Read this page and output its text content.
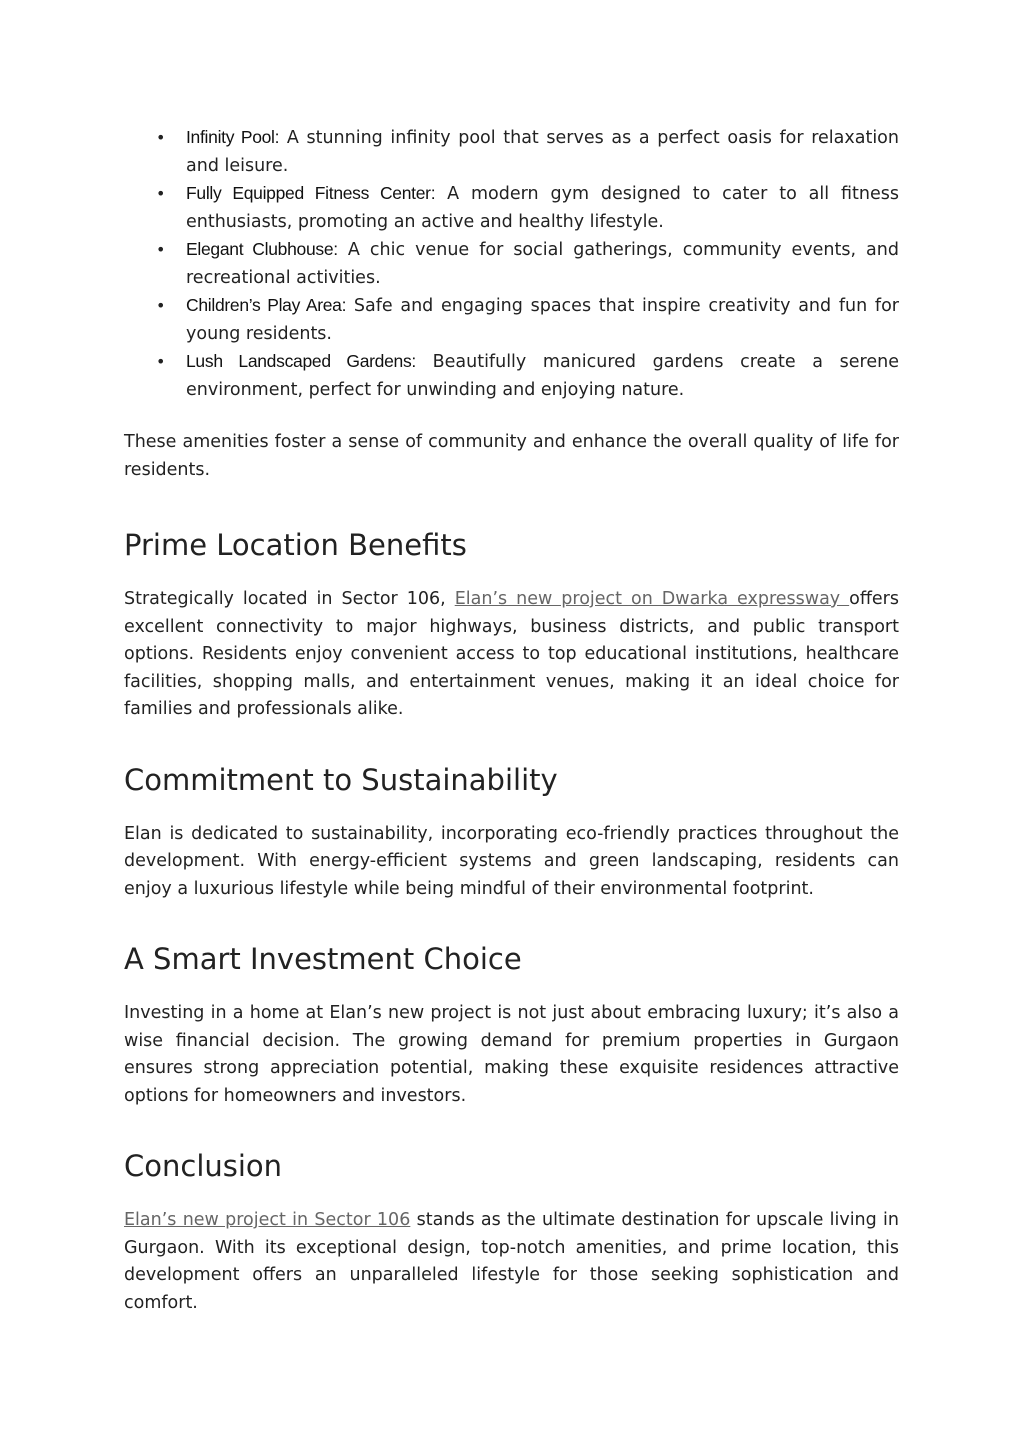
• Infinity Pool: A stunning infinity pool that serves as a perfect oasis for relaxation and leisure.
• Fully Equipped Fitness Center: A modern gym designed to cater to all fitness enthusiasts, promoting an active and healthy lifestyle.
• Elegant Clubhouse: A chic venue for social gatherings, community events, and recreational activities.
• Children’s Play Area: Safe and engaging spaces that inspire creativity and fun for young residents.
• Lush Landscaped Gardens: Beautifully manicured gardens create a serene environment, perfect for unwinding and enjoying nature.

These amenities foster a sense of community and enhance the overall quality of life for residents.

Prime Location Benefits

Strategically located in Sector 106, Elan’s new project on Dwarka expressway offers excellent connectivity to major highways, business districts, and public transport options. Residents enjoy convenient access to top educational institutions, healthcare facilities, shopping malls, and entertainment venues, making it an ideal choice for families and professionals alike.

Commitment to Sustainability

Elan is dedicated to sustainability, incorporating eco-friendly practices throughout the development. With energy-efficient systems and green landscaping, residents can enjoy a luxurious lifestyle while being mindful of their environmental footprint.

A Smart Investment Choice

Investing in a home at Elan’s new project is not just about embracing luxury; it’s also a wise financial decision. The growing demand for premium properties in Gurgaon ensures strong appreciation potential, making these exquisite residences attractive options for homeowners and investors.

Conclusion

Elan’s new project in Sector 106 stands as the ultimate destination for upscale living in Gurgaon. With its exceptional design, top-notch amenities, and prime location, this development offers an unparalleled lifestyle for those seeking sophistication and comfort.
